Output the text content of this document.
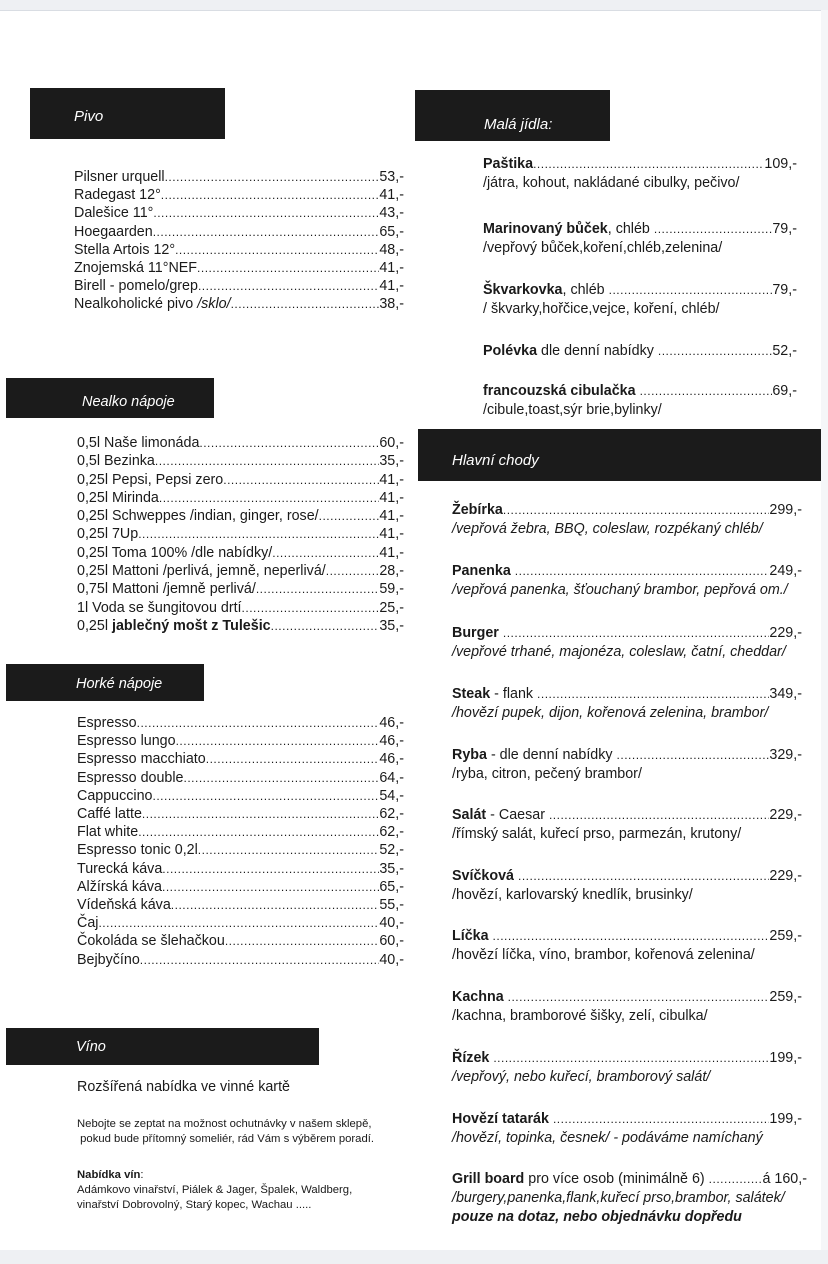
Pivo
Pilsner urquell .....	53,-
Radegast 12° .....	41,-
Dalešice 11° .....	43,-
Hoegaarden .....	65,-
Stella Artois 12° .....	48,-
Znojemská 11°NEF .....	41,-
Birell - pomelo/grep .....	41,-
Nealkoholické pivo /sklo/ .....	38,-
Nealko nápoje
0,5l Naše limonáda .....	60,-
0,5l Bezinka .....	35,-
0,25l Pepsi, Pepsi zero .....	41,-
0,25l Mirinda .....	41,-
0,25l Schweppes /indian, ginger, rose/ .....	41,-
0,25l 7Up .....	41,-
0,25l Toma 100% /dle nabídky/ .....	41,-
0,25l Mattoni /perlivá, jemně, neperlivá/ .....	28,-
0,75l Mattoni /jemně perlivá/ .....	59,-
1l Voda se šungitovou drtí .....	25,-
0,25l jablečný mošt z Tulešic .....	35,-
Horké nápoje
Espresso .....	46,-
Espresso lungo .....	46,-
Espresso macchiato .....	46,-
Espresso double .....	64,-
Cappuccino .....	54,-
Caffé latte .....	62,-
Flat white .....	62,-
Espresso tonic 0,2l .....	52,-
Turecká káva .....	35,-
Alžírská káva .....	65,-
Vídeňská káva .....	55,-
Čaj .....	40,-
Čokoláda se šlehačkou .....	60,-
Bejbyčíno .....	40,-
Víno
Rozšířená nabídka ve vinné kartě
Nebojte se zeptat na možnost ochutnávky v našem sklepě,
pokud bude přítomný someliér, rád Vám s výběrem poradí.
Nabídka vín:
Adámkovo vinařství, Piálek & Jager, Špalek, Waldberg,
vinařství Dobrovolný, Starý kopec, Wachau .....
Malá jídla:
Paštika .....	109,-
/játra, kohout, nakládané cibulky, pečivo/
Marinovaný bůček, chléb .....	79,-
/vepřový bůček,koření,chléb,zelenina/
Škvarkovka, chléb .....	79,-
/ škvarky,hořčice,vejce, koření, chléb/
Polévka dle denní nabídky .....	52,-
francouzská cibulačka .....	69,-
/cibule,toast,sýr brie,bylinky/
Hlavní chody
Žebírka .....	299,-
/vepřová žebra, BBQ, coleslaw, rozpékaný chléb/
Panenka .....	249,-
/vepřová panenka, šťouchaný brambor, pepřová om./
Burger .....	229,-
/vepřové trhané, majonéza, coleslaw, čatní, cheddar/
Steak - flank .....	349,-
/hovězí pupek, dijon, kořenová zelenina, brambor/
Ryba - dle denní nabídky .....	329,-
/ryba, citron, pečený brambor/
Salát - Caesar .....	229,-
/římský salát, kuřecí prso, parmezán, krutony/
Svíčková .....	229,-
/hovězí, karlovarský knedlík, brusinky/
Líčka .....	259,-
/hovězí líčka, víno, brambor, kořenová zelenina/
Kachna .....	259,-
/kachna, bramborové šišky, zelí, cibulka/
Řízek .....	199,-
/vepřový, nebo kuřecí, bramborový salát/
Hovězí tatarák .....	199,-
/hovězí, topinka, česnek/ - podáváme namíchaný
Grill board pro více osob (minimálně 6) .....	á 160,-
/burgery,panenka,flank,kuřecí prso,brambor, salátek/
pouze na dotaz, nebo objednávku dopředu
